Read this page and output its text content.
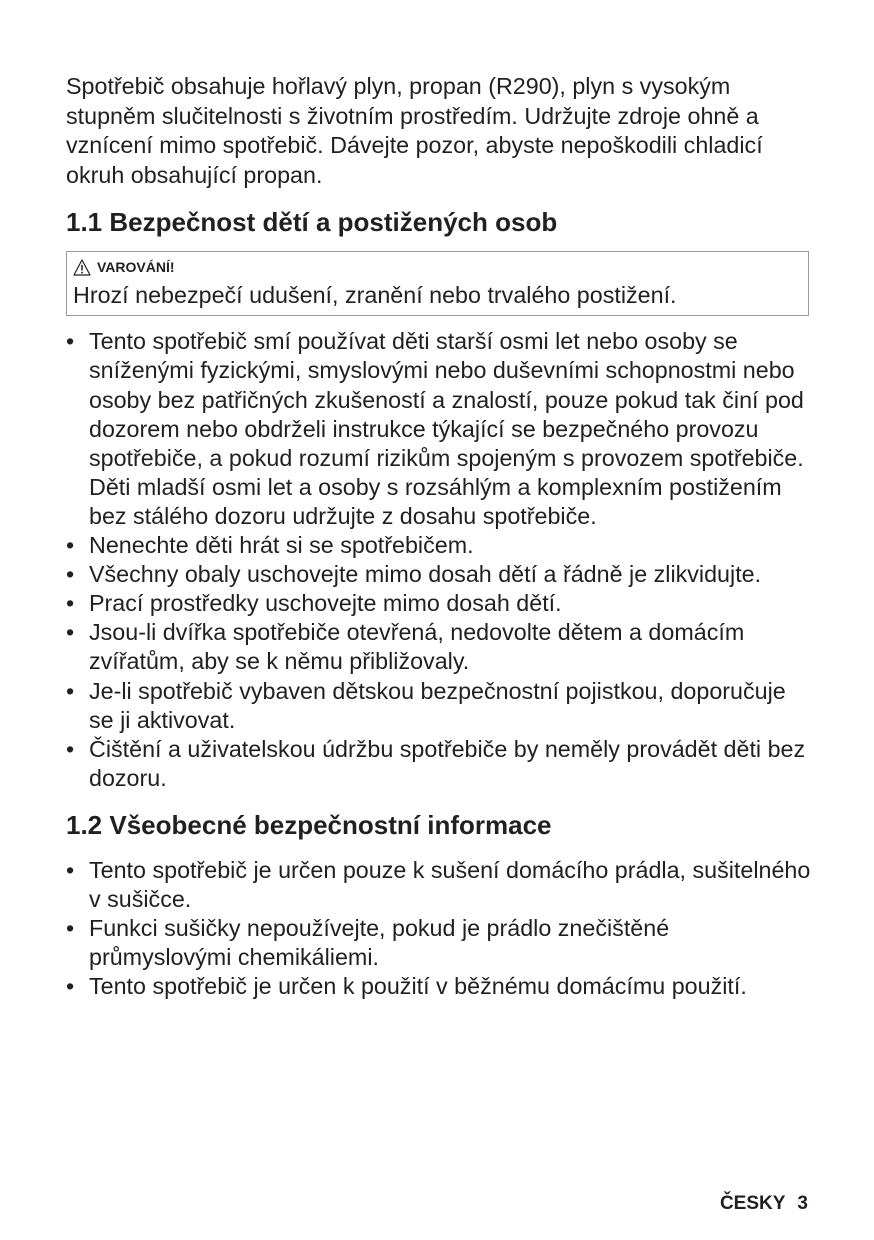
Spotřebič obsahuje hořlavý plyn, propan (R290), plyn s vysokým stupněm slučitelnosti s životním prostředím. Udržujte zdroje ohně a vznícení mimo spotřebič. Dávejte pozor, abyste nepoškodili chladicí okruh obsahující propan.

1.1 Bezpečnost dětí a postižených osob
VAROVÁNÍ!
Hrozí nebezpečí udušení, zranění nebo trvalého postižení.
• Tento spotřebič smí používat děti starší osmi let nebo osoby se sníženými fyzickými, smyslovými nebo duševními schopnostmi nebo osoby bez patřičných zkušeností a znalostí, pouze pokud tak činí pod dozorem nebo obdrželi instrukce týkající se bezpečného provozu spotřebiče, a pokud rozumí rizikům spojeným s provozem spotřebiče. Děti mladší osmi let a osoby s rozsáhlým a komplexním postižením bez stálého dozoru udržujte z dosahu spotřebiče.
• Nenechte děti hrát si se spotřebičem.
• Všechny obaly uschovejte mimo dosah dětí a řádně je zlikvidujte.
• Prací prostředky uschovejte mimo dosah dětí.
• Jsou-li dvířka spotřebiče otevřená, nedovolte dětem a domácím zvířatům, aby se k němu přibližovaly.
• Je-li spotřebič vybaven dětskou bezpečnostní pojistkou, doporučuje se ji aktivovat.
• Čištění a uživatelskou údržbu spotřebiče by neměly provádět děti bez dozoru.
1.2 Všeobecné bezpečnostní informace
• Tento spotřebič je určen pouze k sušení domácího prádla, sušitelného v sušičce.
• Funkci sušičky nepoužívejte, pokud je prádlo znečištěné průmyslovými chemikáliemi.
• Tento spotřebič je určen k použití v běžnému domácímu použití.
ČESKY 3
